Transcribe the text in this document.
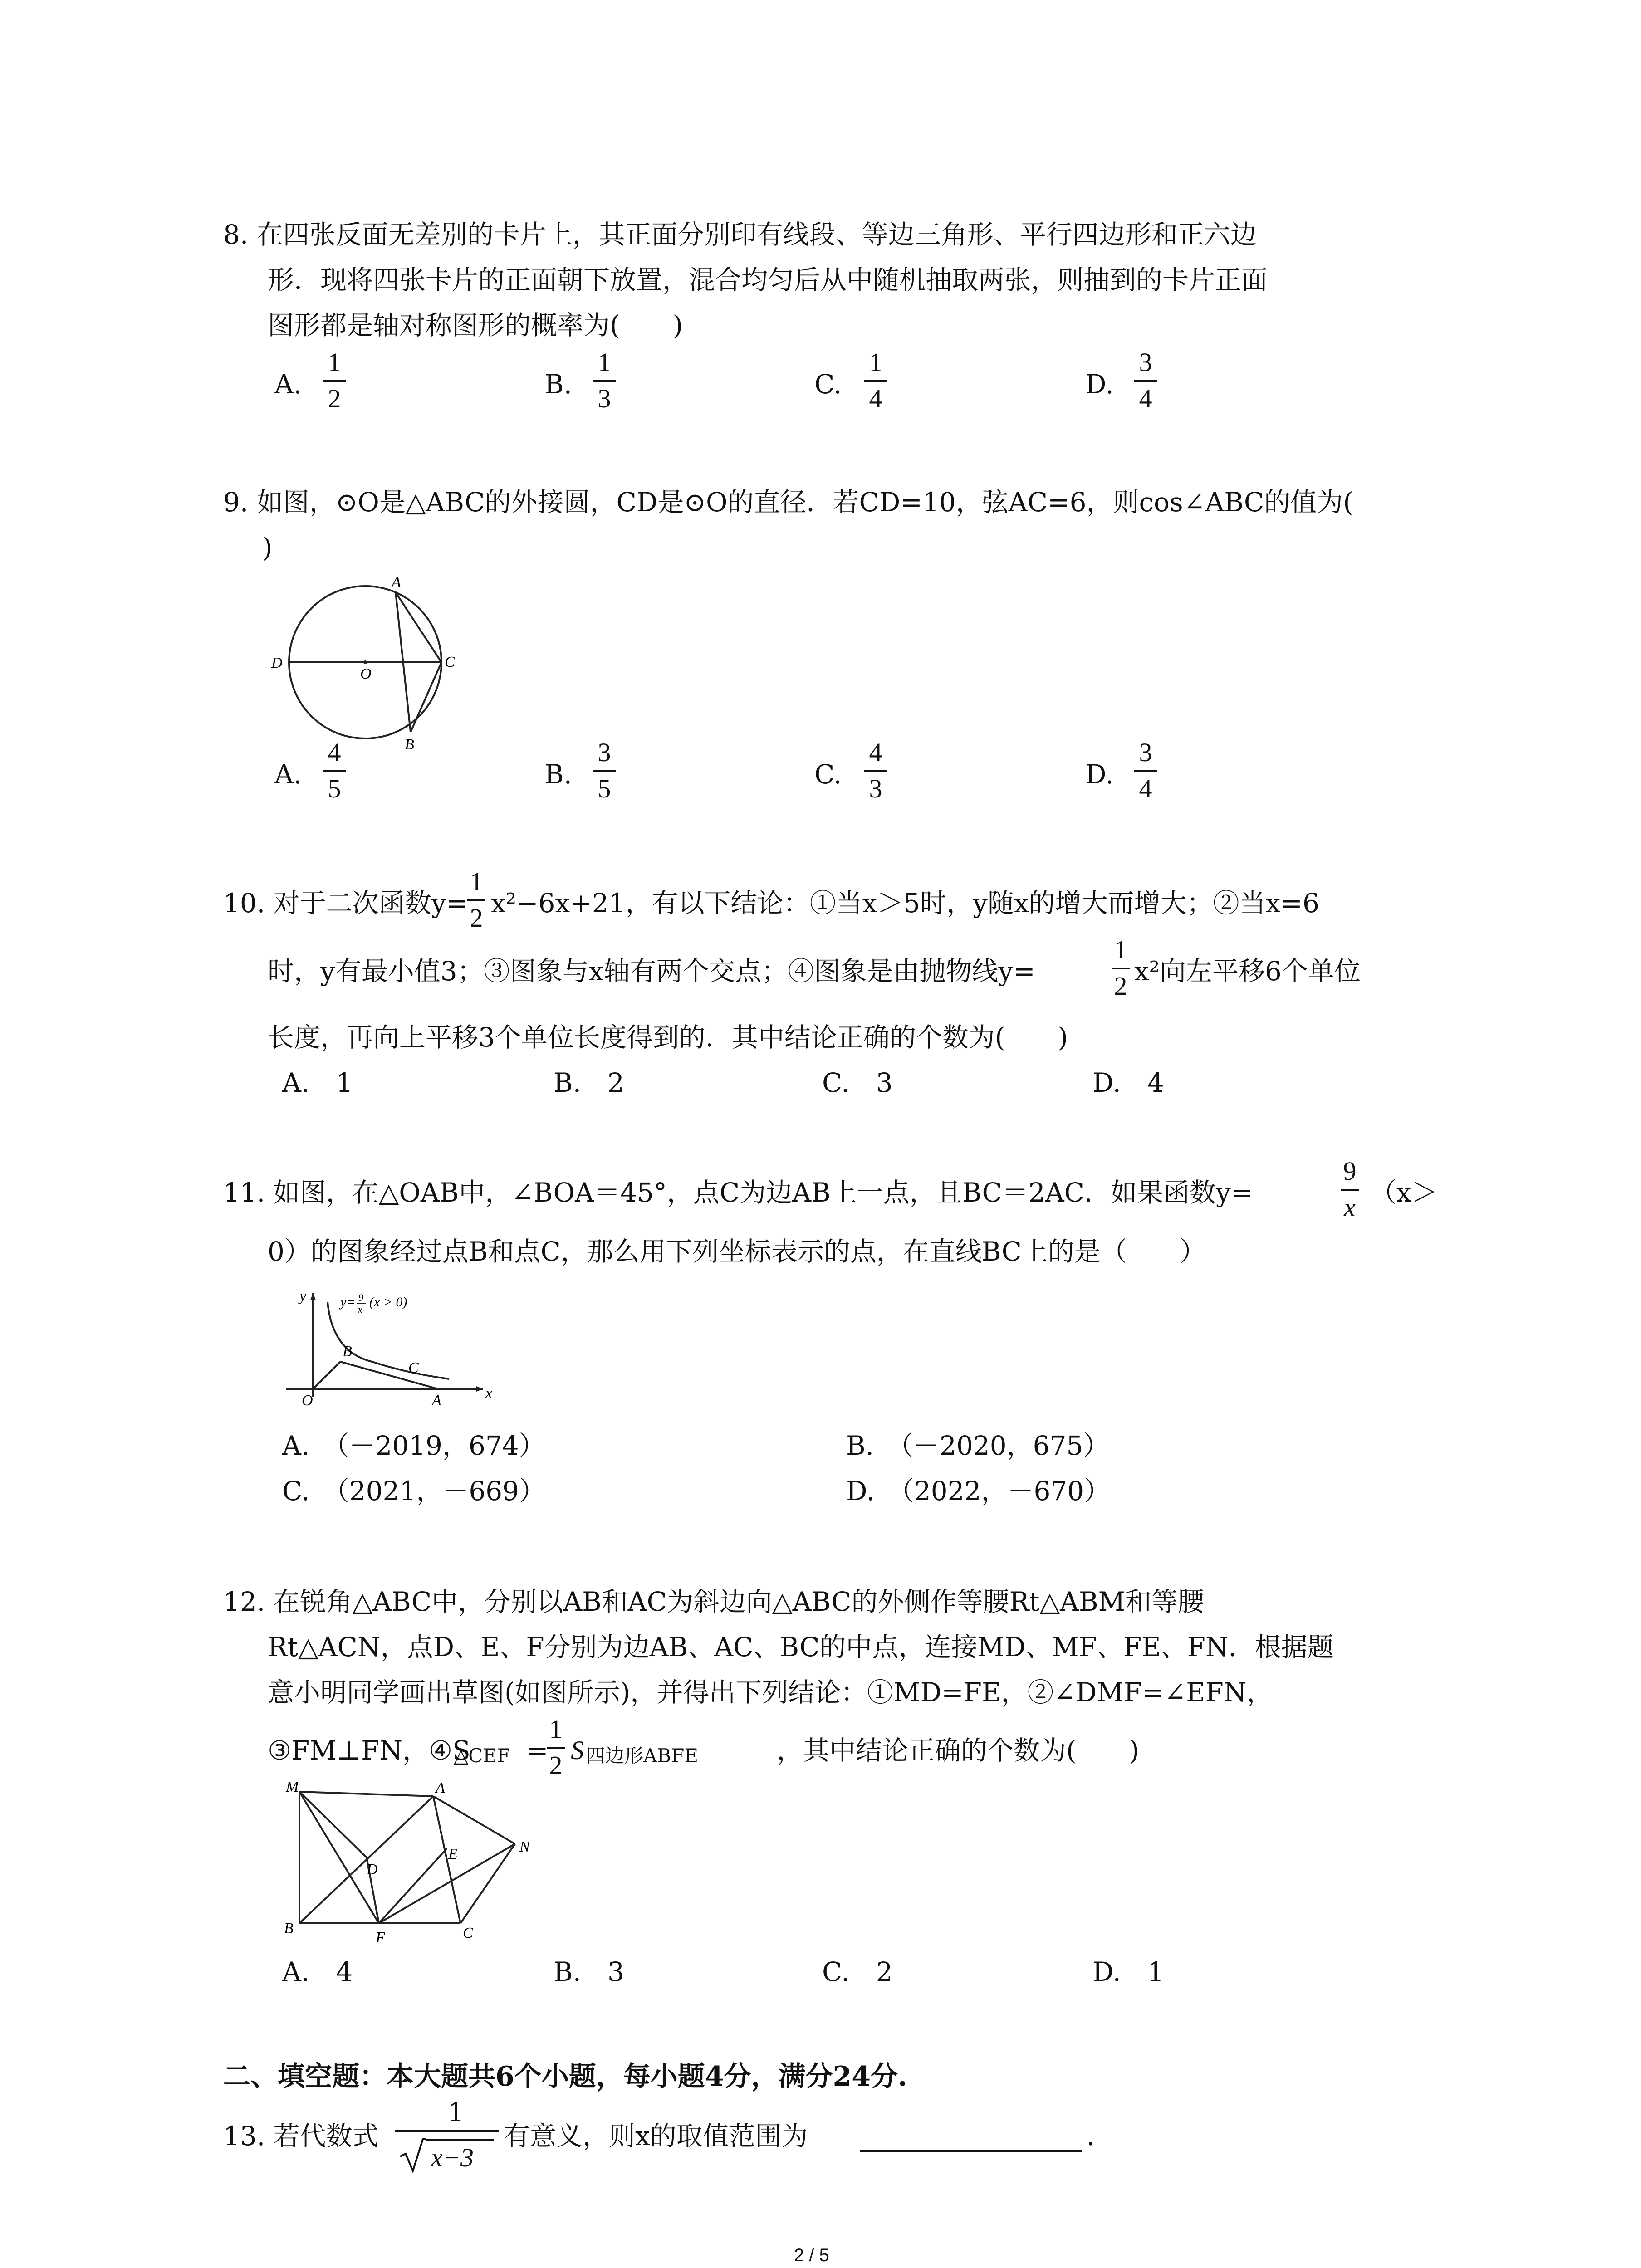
8. 在四张反面无差别的卡片上，其正面分别印有线段、等边三角形、平行四边形和正六边
形．现将四张卡片的正面朝下放置，混合均匀后从中随机抽取两张，则抽到的卡片正面
图形都是轴对称图形的概率为(　　)
A.
1
2	B.
1
3	C.
1
4	D.
3
4
9. 如图，⊙O是△ABC的外接圆，CD是⊙O的直径．若CD=10，弦AC=6，则cos∠ABC的值为(
)
A
D
O
C
B
A.
4
5	B.
3
5	C.
4
3	D.
3
4
10. 对于二次函数y=
1
2 x²−6x+21，有以下结论：①当x＞5时，y随x的增大而增大；②当x=6
时，y有最小值3；③图象与x轴有两个交点；④图象是由抛物线y=
1
2 x²向左平移6个单位
长度，再向上平移3个单位长度得到的．其中结论正确的个数为(　　)
A.　1	B.　2	C.　3	D.　4
11. 如图，在△OAB中，∠BOA＝45°，点C为边AB上一点，且BC＝2AC．如果函数y=
9
x （x＞
0）的图象经过点B和点C，那么用下列坐标表示的点，在直线BC上的是（　　）
y
x
O	A
B
C
y= 9
x (x > 0)
A.　（－2019，674）	B.　（－2020，675）
C.　（2021，－669）	D.　（2022，－670）
12. 在锐角△ABC中，分别以AB和AC为斜边向△ABC的外侧作等腰Rt△ABM和等腰
Rt△ACN，点D、E、F分别为边AB、AC、BC的中点，连接MD、MF、FE、FN．根据题
意小明同学画出草图(如图所示)，并得出下列结论：①MD=FE，②∠DMF=∠EFN，
③FM⊥FN，④S
△CEF =
1
2
S 四边形ABFE	，其中结论正确的个数为(　　)
M	A
D
E	N
B
F	C
A.　4	B.　3	C.　2	D.　1
二、填空题：本大题共6个小题，每小题4分，满分24分.
13. 若代数式
1
x−3
有意义，则x的取值范围为	．
2 / 5
